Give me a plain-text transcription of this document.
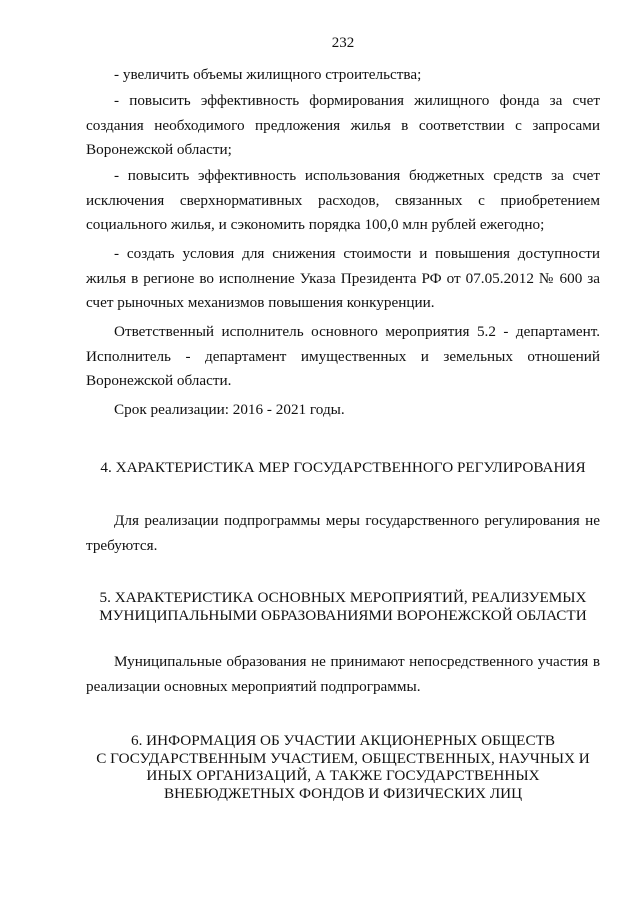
232

- увеличить объемы жилищного строительства;

- повысить эффективность формирования жилищного фонда за счет создания необходимого предложения жилья в соответствии с запросами Воронежской области;

- повысить эффективность использования бюджетных средств за счет исключения сверхнормативных расходов, связанных с приобретением социального жилья, и сэкономить порядка 100,0 млн рублей ежегодно;

- создать условия для снижения стоимости и повышения доступности жилья в регионе во исполнение Указа Президента РФ от 07.05.2012 № 600 за счет рыночных механизмов повышения конкуренции.

Ответственный исполнитель основного мероприятия 5.2 - департамент. Исполнитель - департамент имущественных и земельных отношений Воронежской области.

Срок реализации: 2016 - 2021 годы.

4. ХАРАКТЕРИСТИКА МЕР ГОСУДАРСТВЕННОГО РЕГУЛИРОВАНИЯ

Для реализации подпрограммы меры государственного регулирования не требуются.

5. ХАРАКТЕРИСТИКА ОСНОВНЫХ МЕРОПРИЯТИЙ, РЕАЛИЗУЕМЫХ
МУНИЦИПАЛЬНЫМИ ОБРАЗОВАНИЯМИ ВОРОНЕЖСКОЙ ОБЛАСТИ

Муниципальные образования не принимают непосредственного участия в реализации основных мероприятий подпрограммы.

6. ИНФОРМАЦИЯ ОБ УЧАСТИИ АКЦИОНЕРНЫХ ОБЩЕСТВ
С ГОСУДАРСТВЕННЫМ УЧАСТИЕМ, ОБЩЕСТВЕННЫХ, НАУЧНЫХ И
ИНЫХ ОРГАНИЗАЦИЙ, А ТАКЖЕ ГОСУДАРСТВЕННЫХ
ВНЕБЮДЖЕТНЫХ ФОНДОВ И ФИЗИЧЕСКИХ ЛИЦ
